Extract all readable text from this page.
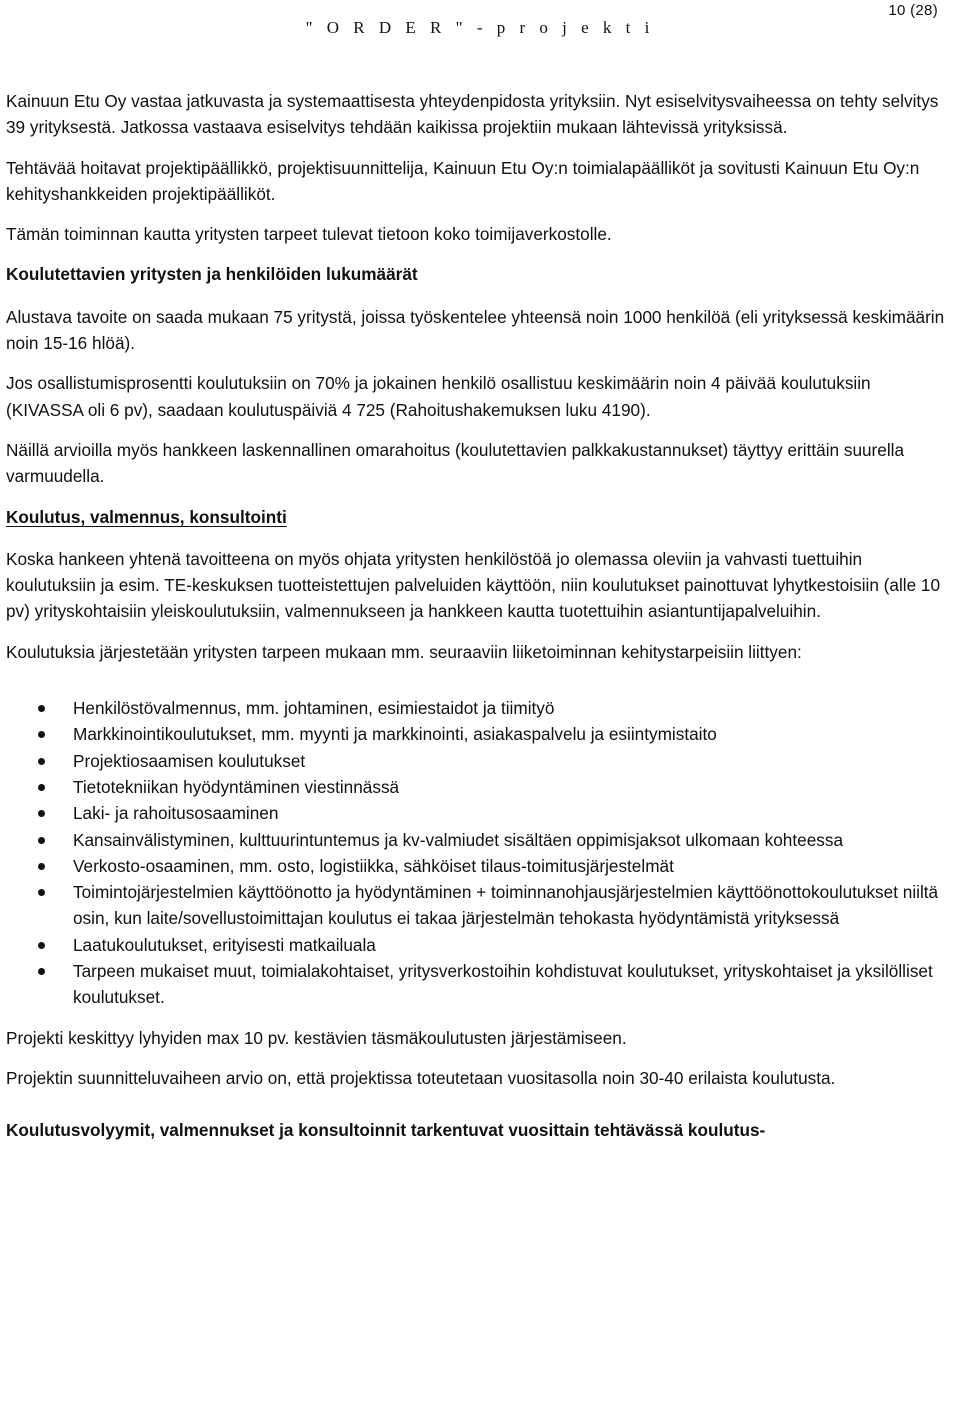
10 (28)
" O R D E R " - p r o j e k t i

Kainuun Etu Oy vastaa jatkuvasta ja systemaattisesta yhteydenpidosta yrityksiin. Nyt esiselvitysvaiheessa on tehty selvitys 39 yrityksestä. Jatkossa vastaava esiselvitys tehdään kaikissa projektiin mukaan lähtevissä yrityksissä.

Tehtävää hoitavat projektipäällikkö, projektisuunnittelija, Kainuun Etu Oy:n toimialapäälliköt ja sovitusti Kainuun Etu Oy:n kehityshankkeiden projektipäälliköt.

Tämän toiminnan kautta yritysten tarpeet tulevat tietoon koko toimijaverkostolle.

Koulutettavien yritysten ja henkilöiden lukumäärät

Alustava tavoite on saada mukaan 75 yritystä, joissa työskentelee yhteensä noin 1000 henkilöä (eli yrityksessä keskimäärin noin 15-16 hlöä).

Jos osallistumisprosentti koulutuksiin on 70% ja jokainen henkilö osallistuu keskimäärin noin 4 päivää koulutuksiin (KIVASSA oli 6 pv), saadaan koulutuspäiviä 4 725 (Rahoitushakemuksen luku 4190).

Näillä arvioilla myös hankkeen laskennallinen omarahoitus (koulutettavien palkkakustannukset) täyttyy erittäin suurella varmuudella.

Koulutus, valmennus, konsultointi

Koska hankeen yhtenä tavoitteena on myös ohjata yritysten henkilöstöä jo olemassa oleviin ja vahvasti tuettuihin koulutuksiin ja esim. TE-keskuksen tuotteistettujen palveluiden käyttöön, niin koulutukset painottuvat lyhytkestoisiin (alle 10 pv) yrityskohtaisiin yleiskoulutuksiin, valmennukseen ja hankkeen kautta tuotettuihin asiantuntijapalveluihin.

Koulutuksia järjestetään yritysten tarpeen mukaan mm. seuraaviin liiketoiminnan kehitystarpeisiin liittyen:

Henkilöstövalmennus, mm. johtaminen, esimiestaidot ja tiimityö
Markkinointikoulutukset, mm. myynti ja markkinointi, asiakaspalvelu ja esiintymistaito
Projektiosaamisen koulutukset
Tietotekniikan hyödyntäminen viestinnässä
Laki- ja rahoitusosaaminen
Kansainvälistyminen, kulttuurintuntemus ja kv-valmiudet sisältäen oppimisjaksot ulkomaan kohteessa
Verkosto-osaaminen, mm. osto, logistiikka, sähköiset tilaus-toimitusjärjestelmät
Toimintojärjestelmien käyttöönotto ja hyödyntäminen + toiminnanohjausjärjestelmien käyttöönottokoulutukset niiltä osin, kun laite/sovellustoimittajan koulutus ei takaa järjestelmän tehokasta hyödyntämistä yrityksessä
Laatukoulutukset, erityisesti matkailuala
Tarpeen mukaiset muut, toimialakohtaiset, yritysverkostoihin kohdistuvat koulutukset, yrityskohtaiset ja yksilölliset koulutukset.

Projekti keskittyy lyhyiden max 10 pv. kestävien täsmäkoulutusten järjestämiseen.

Projektin suunnitteluvaiheen arvio on, että projektissa toteutetaan vuositasolla noin 30-40 erilaista koulutusta.

Koulutusvolyymit, valmennukset ja konsultoinnit tarkentuvat vuosittain tehtävässä koulutus-
